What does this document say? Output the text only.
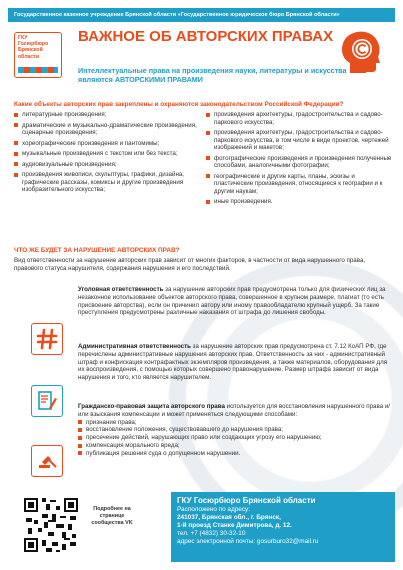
Государственное казенное учреждение Брянской области «Государственное юридическое бюро Брянской области»
ГКУ Госюрбюро Брянской области
ВАЖНОЕ ОБ АВТОРСКИХ ПРАВАХ
Интеллектуальные права на произведения науки, литературы и искусства являются АВТОРСКИМИ ПРАВАМИ
Какие объекты авторских прав закреплены и охраняются законодательством Российской Федерации?
литературные произведения;
драматические и музыкально-драматические произведения, сценарные произведения;
хореографические произведения и пантомимы;
музыкальные произведения с текстом или без текста;
аудиовизуальные произведения;
произведения живописи, скульптуры, графики, дизайна, графические рассказы, комиксы и другие произведения изобразительного искусства;
произведения архитектуры, градостроительства и садово-паркового искусства;
произведения архитектуры, градостроительства и садово-паркового искусства, в том числе в виде проектов, чертежей изображений и макетов;
фотографические произведения и произведения полученные способами, аналогичными фотографии;
географические и другие карты, планы, эскизы и пластические произведения, относящиеся к географии и к другим наукам;
иные произведения.
ЧТО ЖЕ БУДЕТ ЗА НАРУШЕНИЕ АВТОРСКИХ ПРАВ?
Вид ответственности за нарушение авторских прав зависит от многих факторов, в частности от вида нарушенного права, правового статуса нарушителя, содержания нарушения и его последствий.
Уголовная ответственность за нарушение авторских прав предусмотрена только для физических лиц за незаконное использование объектов авторского права, совершенное в крупном размере, плагиат (то есть присвоение авторства), если он причинил автору или иному правообладателю крупный ущерб. За такие преступления предусмотрены различные наказания от штрафа до лишения свободы.
Административная ответственность за нарушение авторских прав предусмотрена ст. 7.12 КоАП РФ, где перечислены административные нарушения авторских прав. Ответственность за них - административный штраф и конфискация контрафактных экземпляров произведения, а также материалов, оборудования для их воспроизведения, с помощью которых совершено правонарушение. Размер штрафа зависит от вида нарушения и того, кто является нарушителем.
Гражданско-правовая защита авторского права используется для восстановления нарушенного права и/или взыскания компенсации и может применяться следующими способами:
признание права;
восстановление положения, существовавшего до нарушения права;
пресечение действий, нарушающих право или создающих угрозу его нарушению;
компенсация морального вреда;
публикация решения суда о допущенном нарушении.
Подробнее на странице сообщества VK
ГКУ Госюрбюро Брянской области
Расположено по адресу:
241037, Брянская обл., г. Брянск,
1-й проезд Станке Димитрова, д. 12.
тел. +7 (4832) 30-32-10
адрес электронной почты: gosurburo32@mail.ru
